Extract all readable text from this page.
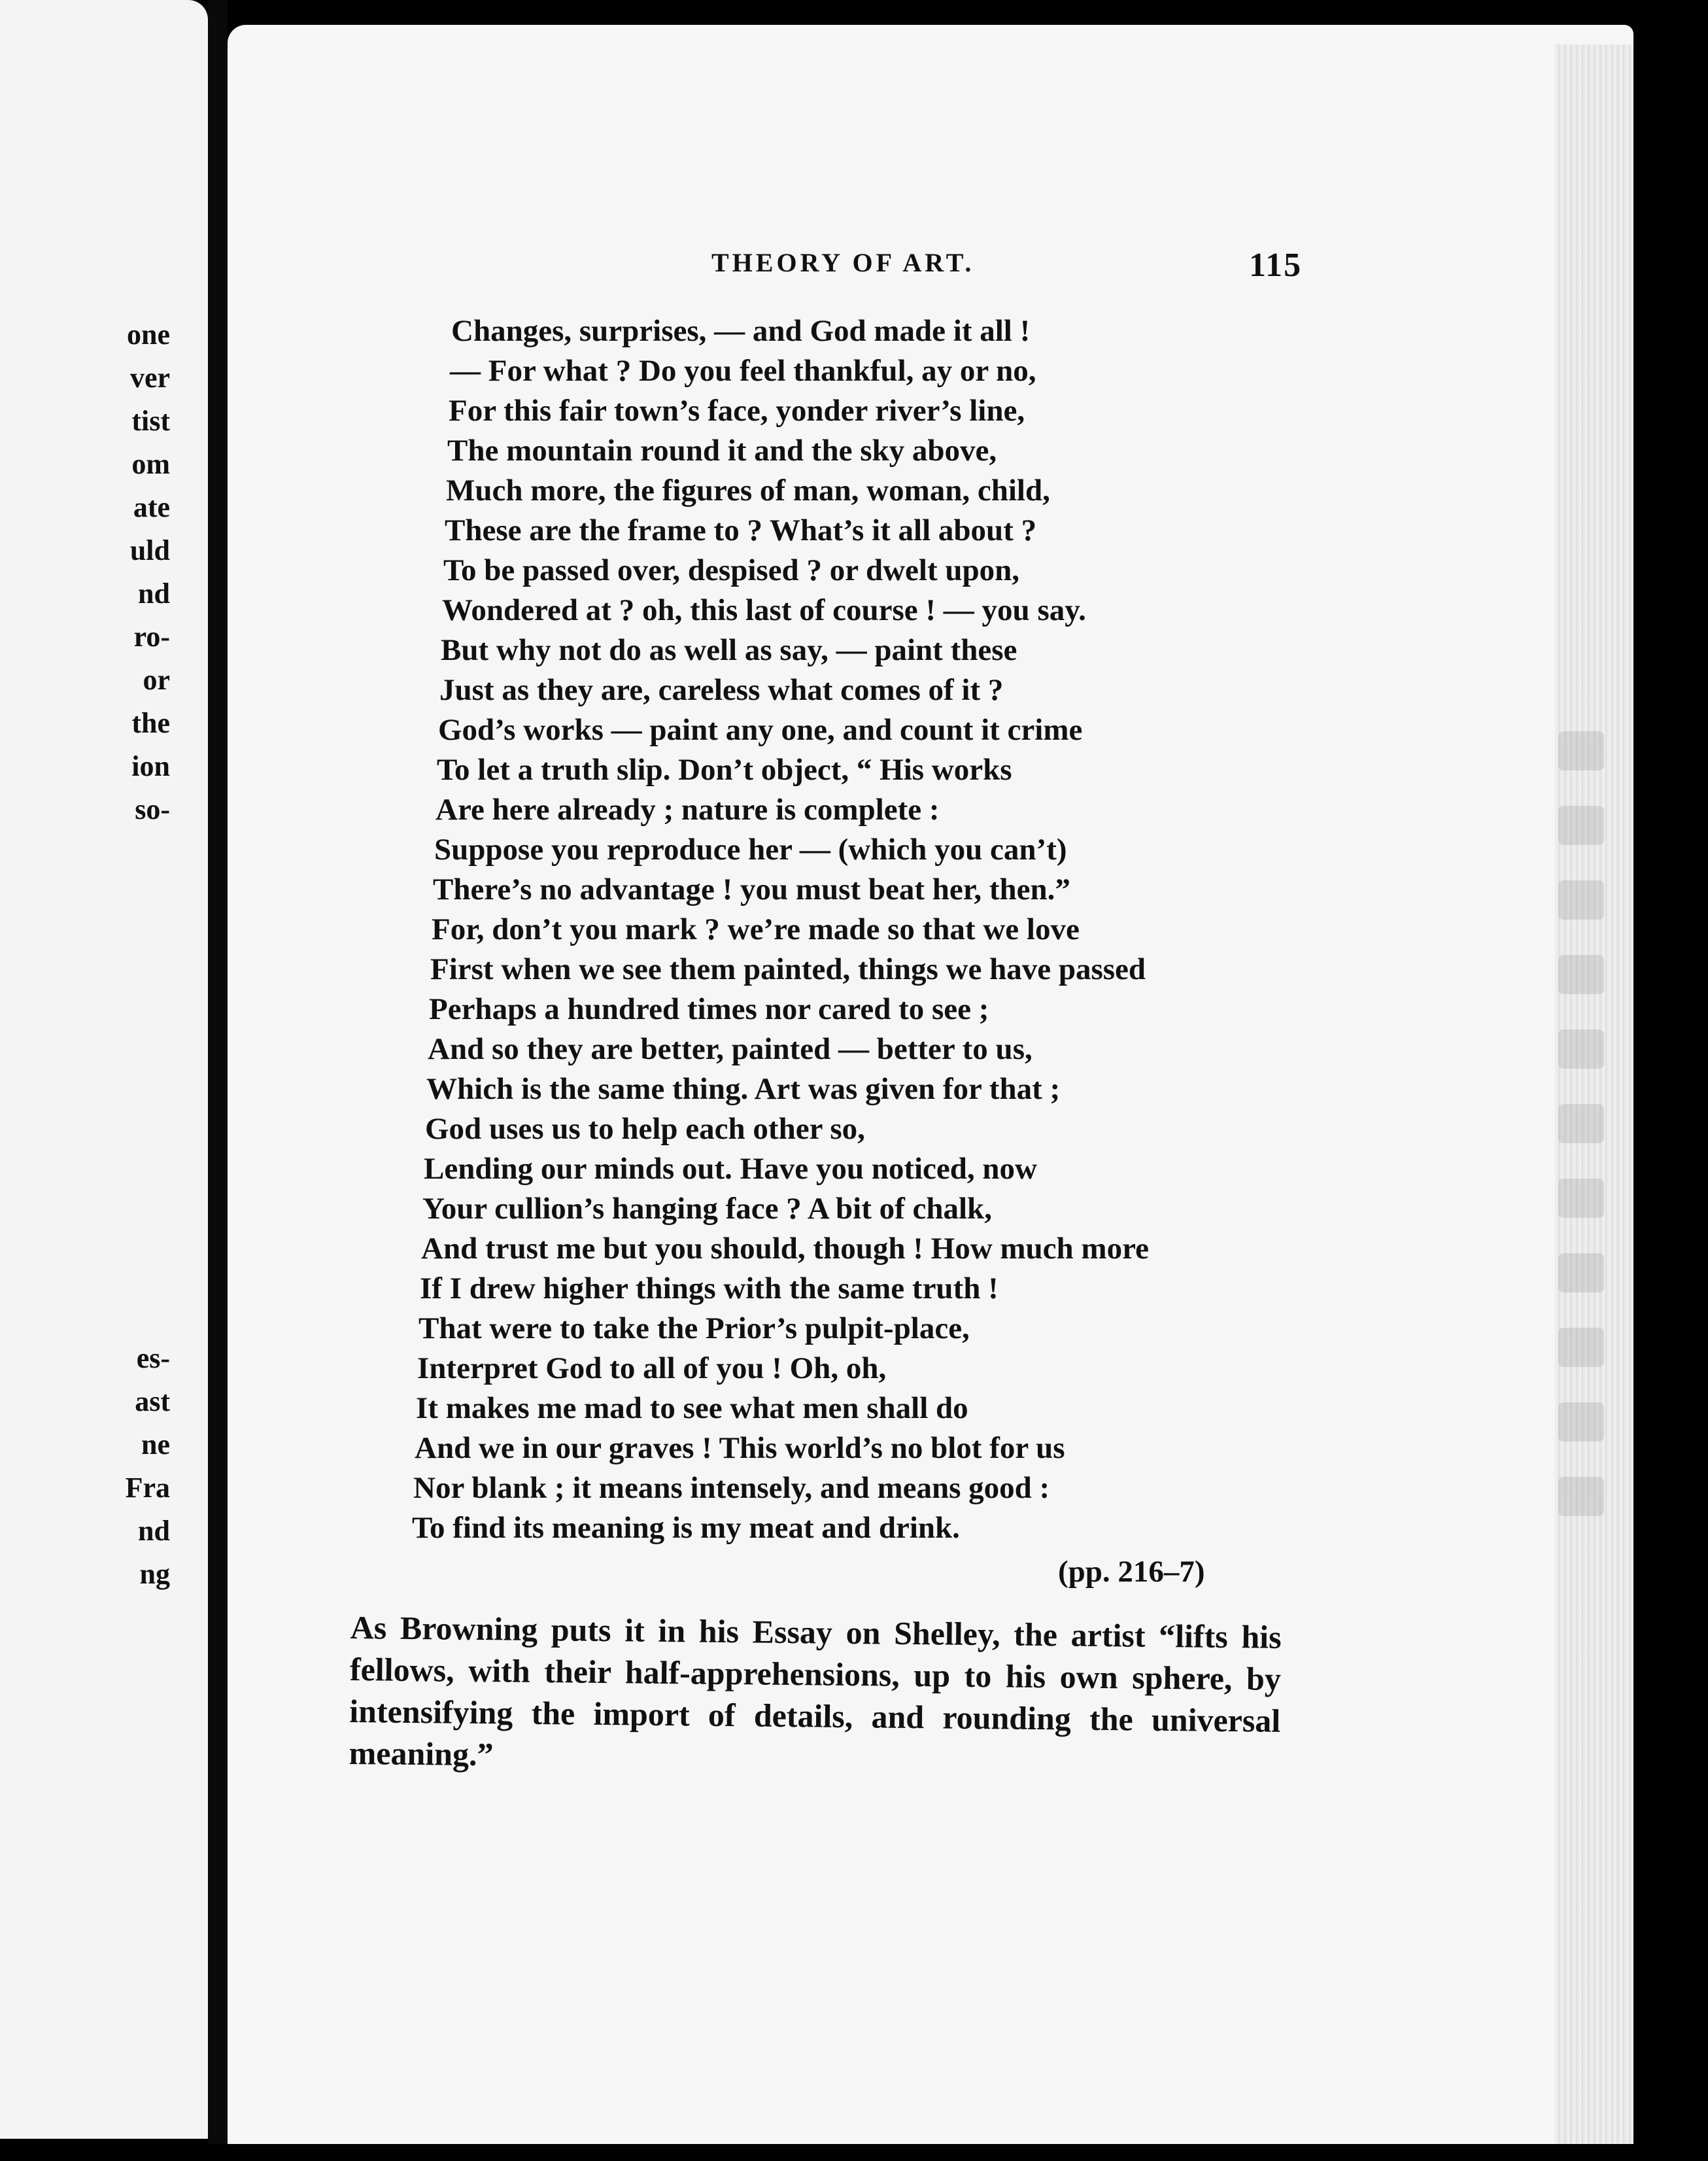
one
ver
tist
om
ate
uld
nd
ro-
or
the
ion
so-
es-
ast
ne
Fra
nd
ng
THEORY OF ART.	115
Changes, surprises, — and God made it all !
— For what ? Do you feel thankful, ay or no,
For this fair town’s face, yonder river’s line,
The mountain round it and the sky above,
Much more, the figures of man, woman, child,
These are the frame to ? What’s it all about ?
To be passed over, despised ? or dwelt upon,
Wondered at ? oh, this last of course ! — you say.
But why not do as well as say, — paint these
Just as they are, careless what comes of it ?
God’s works — paint any one, and count it crime
To let a truth slip. Don’t object, “ His works
Are here already ; nature is complete :
Suppose you reproduce her — (which you can’t)
There’s no advantage ! you must beat her, then.”
For, don’t you mark ? we’re made so that we love
First when we see them painted, things we have passed
Perhaps a hundred times nor cared to see ;
And so they are better, painted — better to us,
Which is the same thing. Art was given for that ;
God uses us to help each other so,
Lending our minds out. Have you noticed, now
Your cullion’s hanging face ? A bit of chalk,
And trust me but you should, though ! How much more
If I drew higher things with the same truth !
That were to take the Prior’s pulpit-place,
Interpret God to all of you ! Oh, oh,
It makes me mad to see what men shall do
And we in our graves ! This world’s no blot for us
Nor blank ; it means intensely, and means good :
To find its meaning is my meat and drink.
(pp. 216–7)
As Browning puts it in his Essay on Shelley, the artist “lifts his fellows, with their half-apprehensions, up to his own sphere, by intensifying the import of details, and rounding the universal meaning.”
